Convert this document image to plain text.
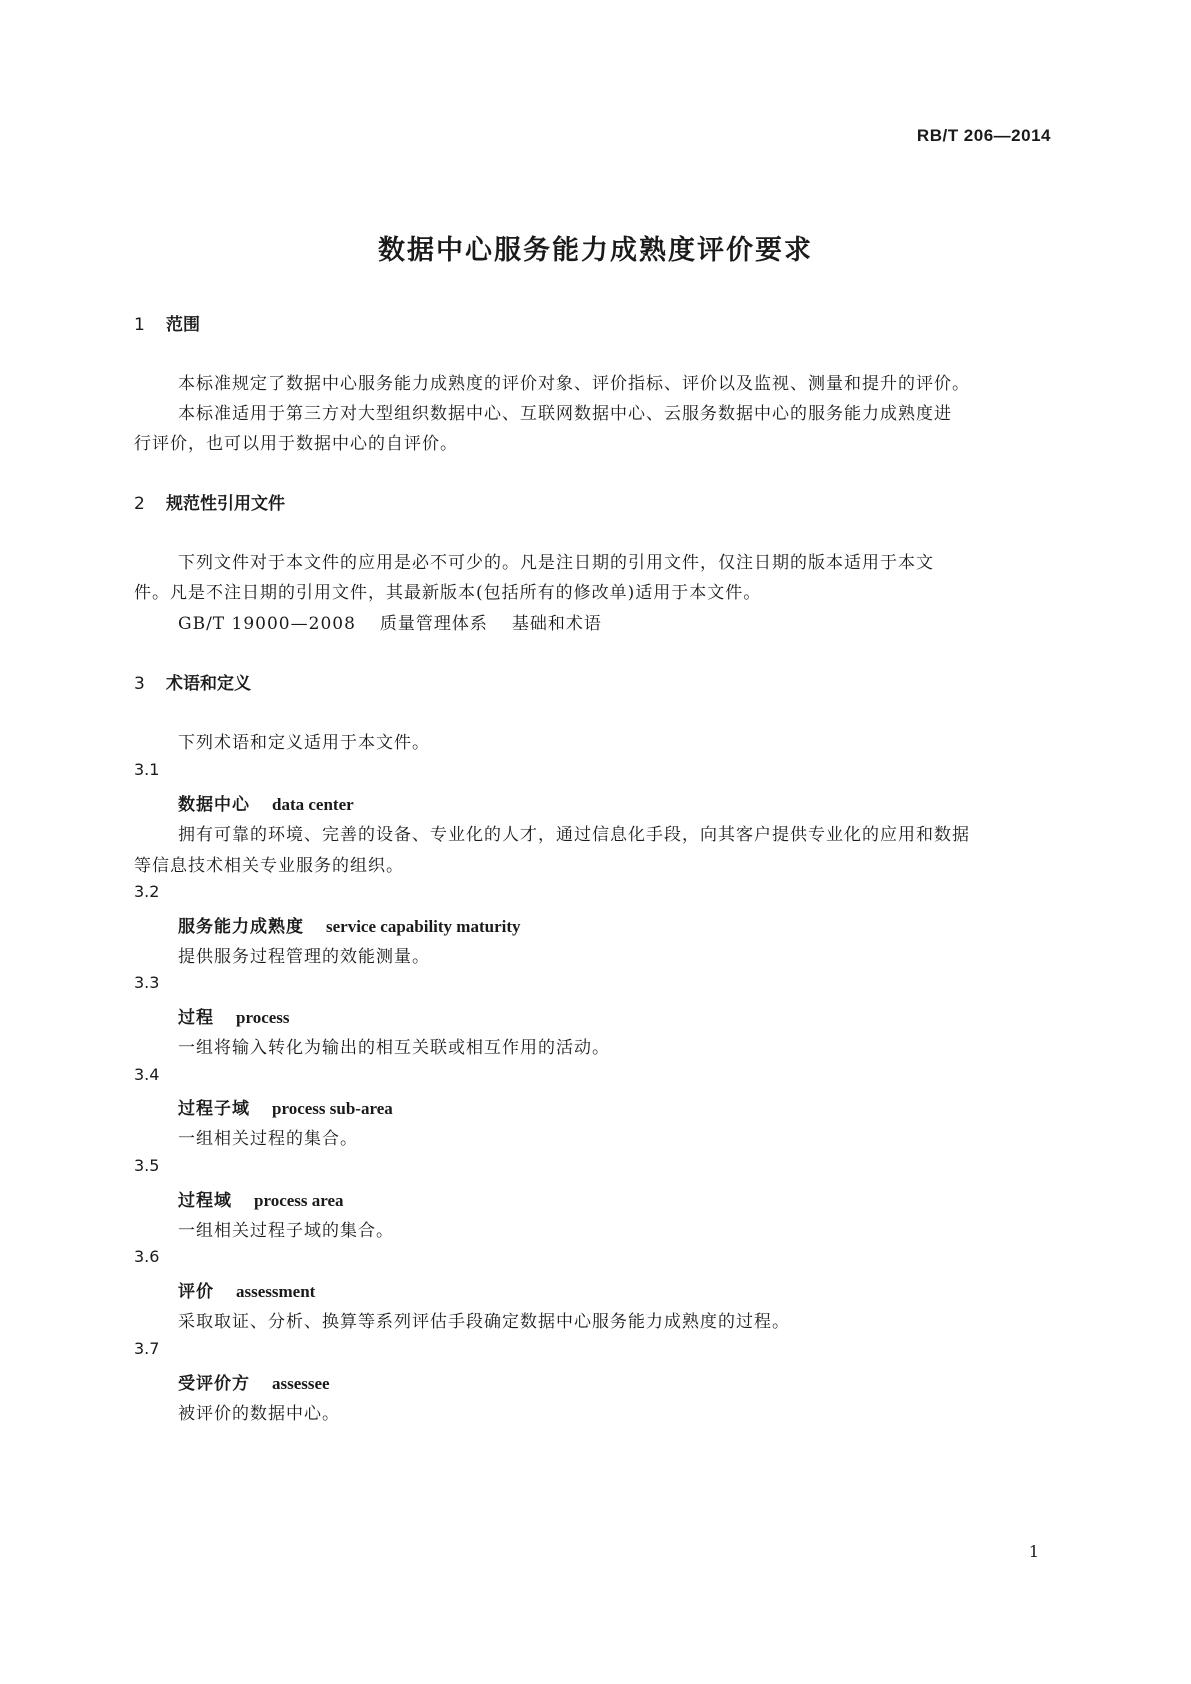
RB/T 206—2014
数据中心服务能力成熟度评价要求
1 范围
本标准规定了数据中心服务能力成熟度的评价对象、评价指标、评价以及监视、测量和提升的评价。
本标准适用于第三方对大型组织数据中心、互联网数据中心、云服务数据中心的服务能力成熟度进
行评价，也可以用于数据中心的自评价。
2 规范性引用文件
下列文件对于本文件的应用是必不可少的。凡是注日期的引用文件，仅注日期的版本适用于本文
件。凡是不注日期的引用文件，其最新版本(包括所有的修改单)适用于本文件。
GB/T 19000—2008 质量管理体系 基础和术语
3 术语和定义
下列术语和定义适用于本文件。
3.1
数据中心 data center
拥有可靠的环境、完善的设备、专业化的人才，通过信息化手段，向其客户提供专业化的应用和数据
等信息技术相关专业服务的组织。
3.2
服务能力成熟度 service capability maturity
提供服务过程管理的效能测量。
3.3
过程 process
一组将输入转化为输出的相互关联或相互作用的活动。
3.4
过程子域 process sub-area
一组相关过程的集合。
3.5
过程域 process area
一组相关过程子域的集合。
3.6
评价 assessment
采取取证、分析、换算等系列评估手段确定数据中心服务能力成熟度的过程。
3.7
受评价方 assessee
被评价的数据中心。
1
